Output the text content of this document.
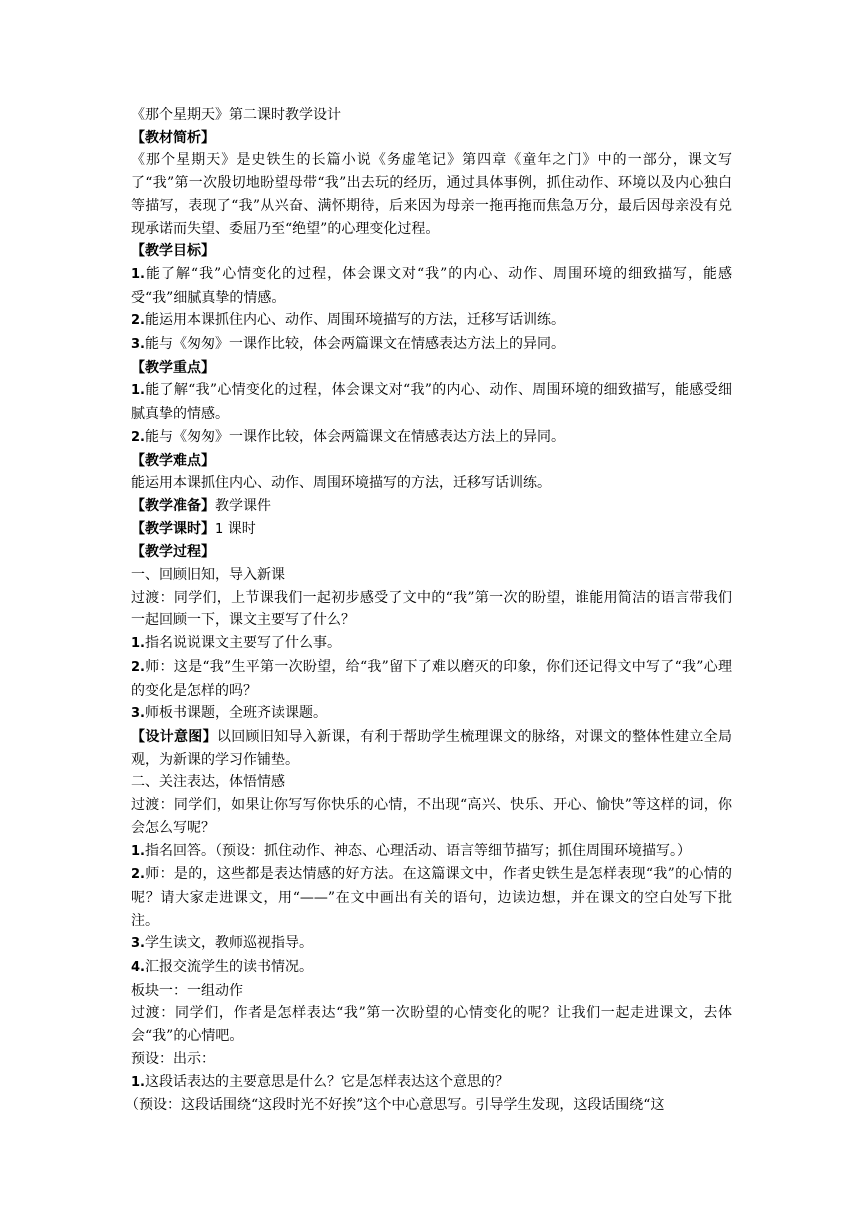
《那个星期天》第二课时教学设计

【教材简析】

《那个星期天》是史铁生的长篇小说《务虚笔记》第四章《童年之门》中的一部分，课文写了“我”第一次殷切地盼望母带“我”出去玩的经历，通过具体事例，抓住动作、环境以及内心独白等描写，表现了“我”从兴奋、满怀期待，后来因为母亲一拖再拖而焦急万分，最后因母亲没有兑现承诺而失望、委屈乃至“绝望”的心理变化过程。

【教学目标】

1.能了解“我”心情变化的过程，体会课文对“我”的内心、动作、周围环境的细致描写，能感受“我”细腻真挚的情感。

2.能运用本课抓住内心、动作、周围环境描写的方法，迁移写话训练。

3.能与《匆匆》一课作比较，体会两篇课文在情感表达方法上的异同。

【教学重点】

1.能了解“我”心情变化的过程，体会课文对“我”的内心、动作、周围环境的细致描写，能感受细腻真挚的情感。

2.能与《匆匆》一课作比较，体会两篇课文在情感表达方法上的异同。

【教学难点】

能运用本课抓住内心、动作、周围环境描写的方法，迁移写话训练。

【教学准备】教学课件

【教学课时】1 课时

【教学过程】

一、回顾旧知，导入新课

过渡：同学们，上节课我们一起初步感受了文中的“我”第一次的盼望，谁能用简洁的语言带我们一起回顾一下，课文主要写了什么？

1.指名说说课文主要写了什么事。

2.师：这是“我”生平第一次盼望，给“我”留下了难以磨灭的印象，你们还记得文中写了“我”心理的变化是怎样的吗？

3.师板书课题，全班齐读课题。

【设计意图】以回顾旧知导入新课，有利于帮助学生梳理课文的脉络，对课文的整体性建立全局观，为新课的学习作铺垫。

二、关注表达，体悟情感

过渡：同学们，如果让你写写你快乐的心情，不出现“高兴、快乐、开心、愉快”等这样的词，你会怎么写呢？

1.指名回答。（预设：抓住动作、神态、心理活动、语言等细节描写；抓住周围环境描写。）

2.师：是的，这些都是表达情感的好方法。在这篇课文中，作者史铁生是怎样表现“我”的心情的呢？请大家走进课文，用“——”在文中画出有关的语句，边读边想，并在课文的空白处写下批注。

3.学生读文，教师巡视指导。

4.汇报交流学生的读书情况。

板块一：一组动作

过渡：同学们，作者是怎样表达“我”第一次盼望的心情变化的呢？让我们一起走进课文，去体会“我”的心情吧。

预设：出示：

1.这段话表达的主要意思是什么？它是怎样表达这个意思的？

（预设：这段话围绕“这段时光不好挨”这个中心意思写。引导学生发现，这段话围绕“这
